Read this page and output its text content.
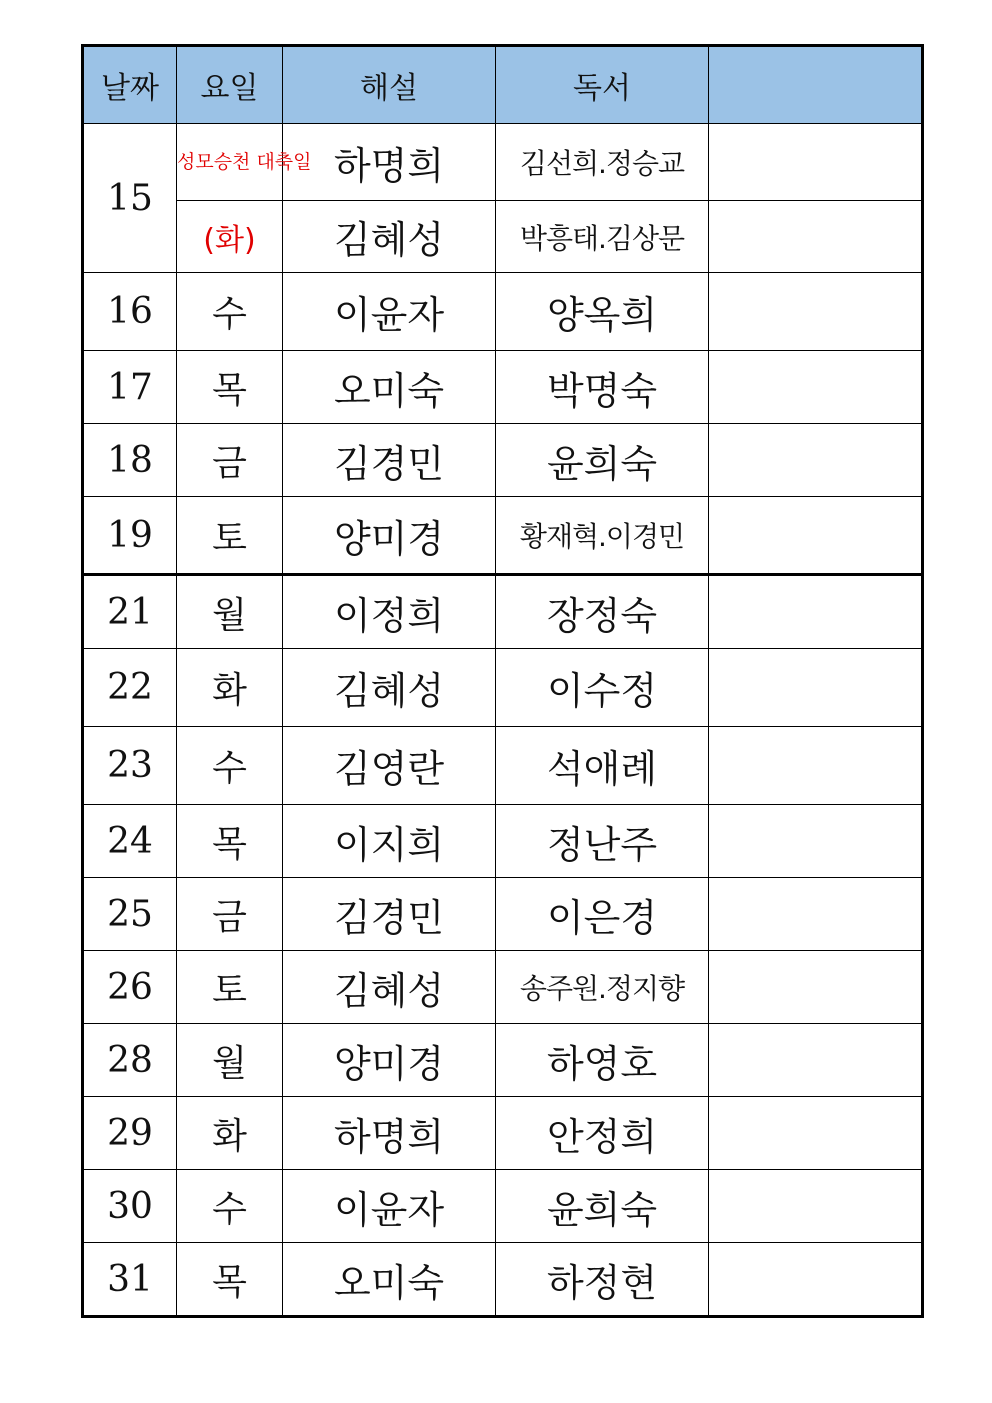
날짜	요일	해설	독서	
15	성모승천 대축일	하명희	김선희.정승교	
	(화)	김혜성	박흥태.김상문	
16	수	이윤자	양옥희	
17	목	오미숙	박명숙	
18	금	김경민	윤희숙	
19	토	양미경	황재혁.이경민	
21	월	이정희	장정숙	
22	화	김혜성	이수정	
23	수	김영란	석애례	
24	목	이지희	정난주	
25	금	김경민	이은경	
26	토	김혜성	송주원.정지향	
28	월	양미경	하영호	
29	화	하명희	안정희	
30	수	이윤자	윤희숙	
31	목	오미숙	하정현	
